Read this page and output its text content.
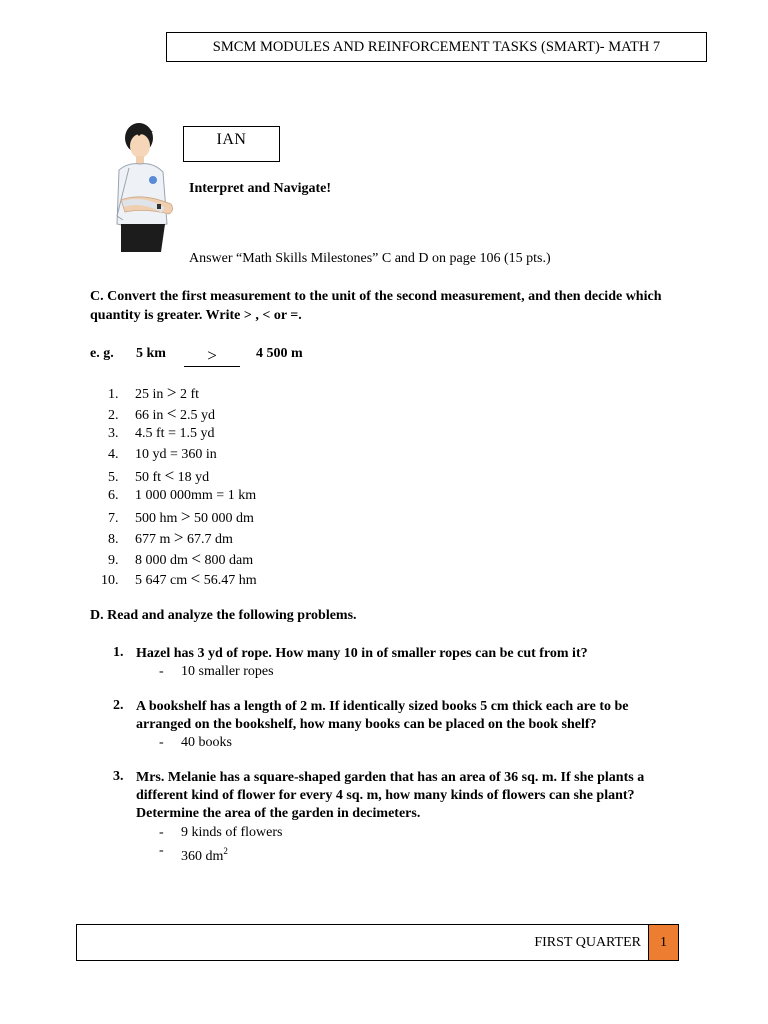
SMCM MODULES AND REINFORCEMENT TASKS (SMART)- MATH 7
IAN
Interpret and Navigate!
Answer “Math Skills Milestones” C and D on page 106 (15 pts.)
C. Convert the first measurement to the unit of the second measurement, and then decide which quantity is greater. Write > , < or =.
e. g. 5 km	>	4 500 m
1. 25 in > 2 ft
2. 66 in < 2.5 yd
3. 4.5 ft = 1.5 yd
4. 10 yd = 360 in
5. 50 ft < 18 yd
6. 1 000 000mm = 1 km
7. 500 hm > 50 000 dm
8. 677 m > 67.7 dm
9. 8 000 dm < 800 dam
10. 5 647 cm < 56.47 hm
D. Read and analyze the following problems.
1. Hazel has 3 yd of rope. How many 10 in of smaller ropes can be cut from it?
- 10 smaller ropes
2. A bookshelf has a length of 2 m. If identically sized books 5 cm thick each are to be arranged on the bookshelf, how many books can be placed on the book shelf?
- 40 books
3. Mrs. Melanie has a square-shaped garden that has an area of 36 sq. m. If she plants a different kind of flower for every 4 sq. m, how many kinds of flowers can she plant? Determine the area of the garden in decimeters.
- 9 kinds of flowers
- 360 $dm^2$
FIRST QUARTER	1
